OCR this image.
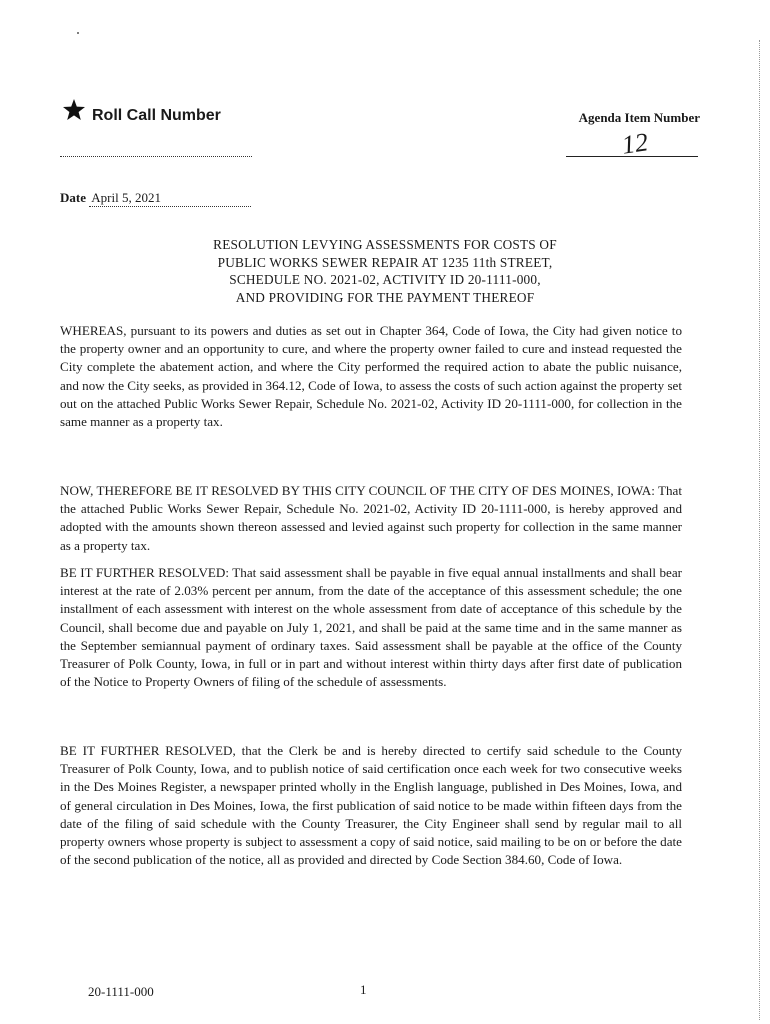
Roll Call Number	Agenda Item Number
12
Date April 5, 2021
RESOLUTION LEVYING ASSESSMENTS FOR COSTS OF
PUBLIC WORKS SEWER REPAIR AT 1235 11th STREET,
SCHEDULE NO. 2021-02, ACTIVITY ID 20-1111-000,
AND PROVIDING FOR THE PAYMENT THEREOF
WHEREAS, pursuant to its powers and duties as set out in Chapter 364, Code of Iowa, the City had given notice to the property owner and an opportunity to cure, and where the property owner failed to cure and instead requested the City complete the abatement action, and where the City performed the required action to abate the public nuisance, and now the City seeks, as provided in 364.12, Code of Iowa, to assess the costs of such action against the property set out on the attached Public Works Sewer Repair, Schedule No. 2021-02, Activity ID 20-1111-000, for collection in the same manner as a property tax.
NOW, THEREFORE BE IT RESOLVED BY THIS CITY COUNCIL OF THE CITY OF DES MOINES, IOWA: That the attached Public Works Sewer Repair, Schedule No. 2021-02, Activity ID 20-1111-000, is hereby approved and adopted with the amounts shown thereon assessed and levied against such property for collection in the same manner as a property tax.
BE IT FURTHER RESOLVED: That said assessment shall be payable in five equal annual installments and shall bear interest at the rate of 2.03% percent per annum, from the date of the acceptance of this assessment schedule; the one installment of each assessment with interest on the whole assessment from date of acceptance of this schedule by the Council, shall become due and payable on July 1, 2021, and shall be paid at the same time and in the same manner as the September semiannual payment of ordinary taxes. Said assessment shall be payable at the office of the County Treasurer of Polk County, Iowa, in full or in part and without interest within thirty days after first date of publication of the Notice to Property Owners of filing of the schedule of assessments.
BE IT FURTHER RESOLVED, that the Clerk be and is hereby directed to certify said schedule to the County Treasurer of Polk County, Iowa, and to publish notice of said certification once each week for two consecutive weeks in the Des Moines Register, a newspaper printed wholly in the English language, published in Des Moines, Iowa, and of general circulation in Des Moines, Iowa, the first publication of said notice to be made within fifteen days from the date of the filing of said schedule with the County Treasurer, the City Engineer shall send by regular mail to all property owners whose property is subject to assessment a copy of said notice, said mailing to be on or before the date of the second publication of the notice, all as provided and directed by Code Section 384.60, Code of Iowa.
20-1111-000	1
